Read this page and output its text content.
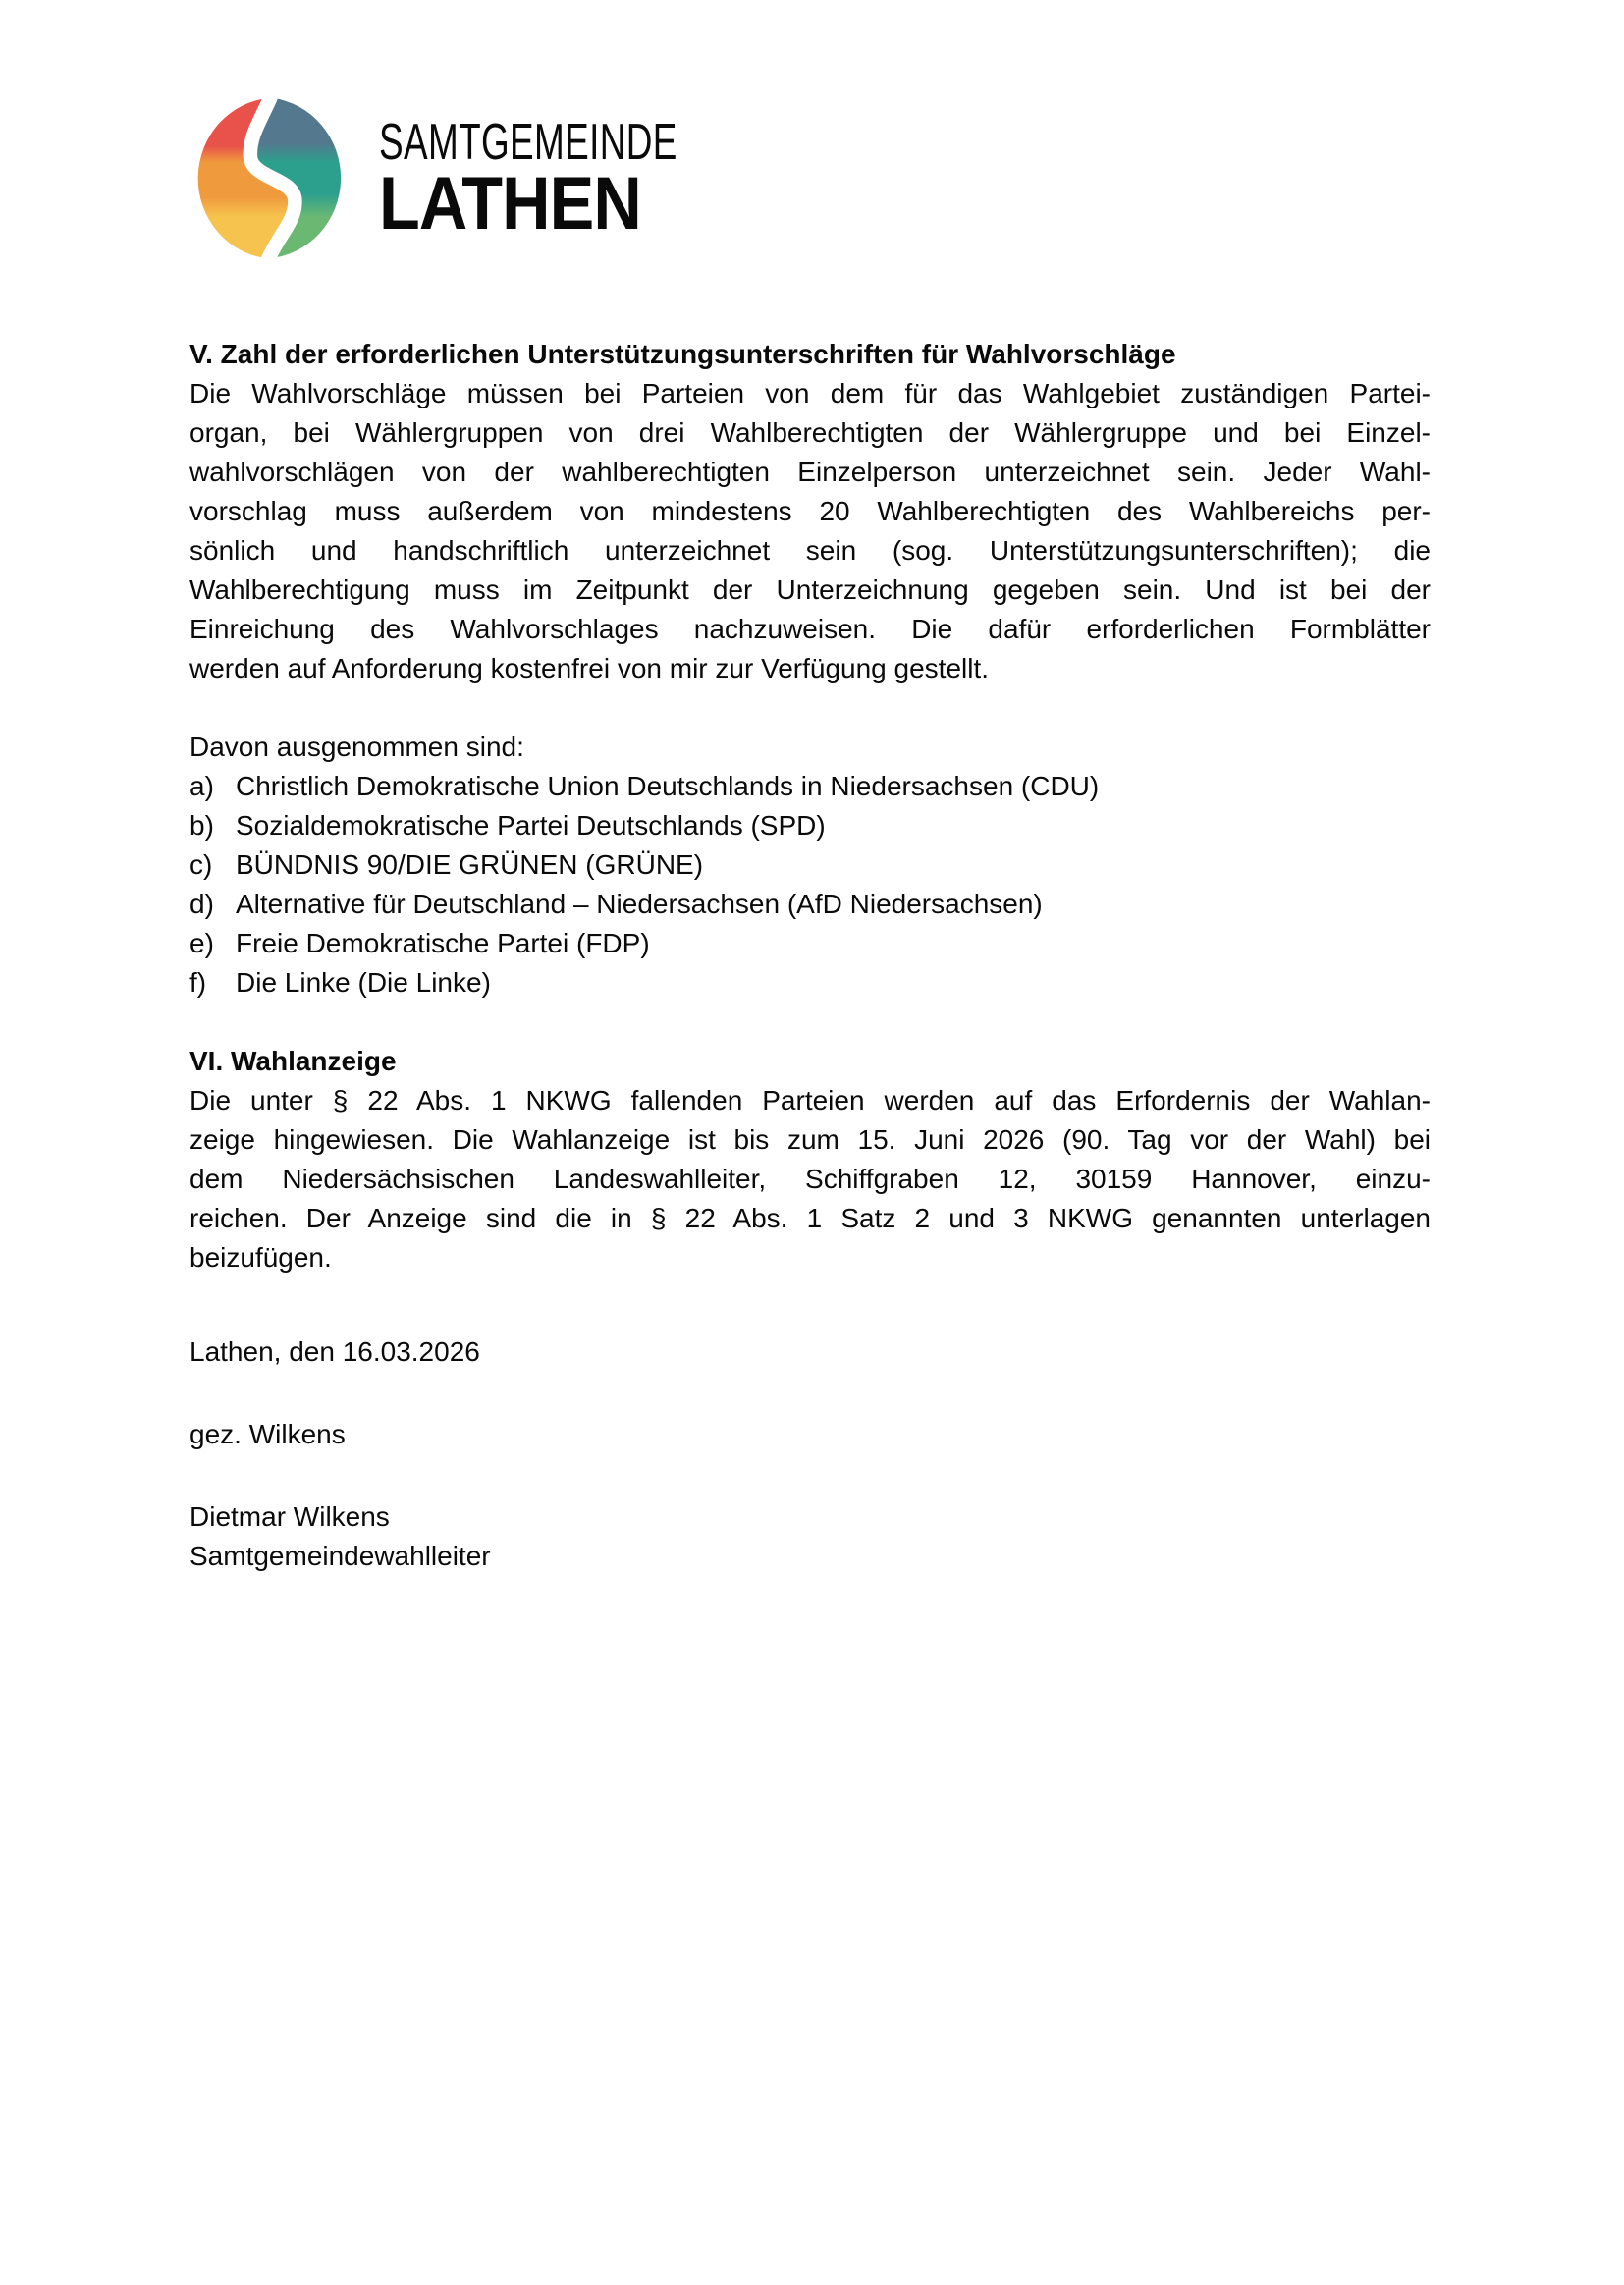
SAMTGEMEINDE
LATHEN
V. Zahl der erforderlichen Unterstützungsunterschriften für Wahlvorschläge
Die Wahlvorschläge müssen bei Parteien von dem für das Wahlgebiet zuständigen Partei-
organ, bei Wählergruppen von drei Wahlberechtigten der Wählergruppe und bei Einzel-
wahlvorschlägen von der wahlberechtigten Einzelperson unterzeichnet sein. Jeder Wahl-
vorschlag muss außerdem von mindestens 20 Wahlberechtigten des Wahlbereichs per-
sönlich und handschriftlich unterzeichnet sein (sog. Unterstützungsunterschriften); die
Wahlberechtigung muss im Zeitpunkt der Unterzeichnung gegeben sein. Und ist bei der
Einreichung des Wahlvorschlages nachzuweisen. Die dafür erforderlichen Formblätter
werden auf Anforderung kostenfrei von mir zur Verfügung gestellt.
Davon ausgenommen sind:
a) Christlich Demokratische Union Deutschlands in Niedersachsen (CDU)
b) Sozialdemokratische Partei Deutschlands (SPD)
c) BÜNDNIS 90/DIE GRÜNEN (GRÜNE)
d) Alternative für Deutschland – Niedersachsen (AfD Niedersachsen)
e) Freie Demokratische Partei (FDP)
f)	Die Linke (Die Linke)
VI. Wahlanzeige
Die unter § 22 Abs. 1 NKWG fallenden Parteien werden auf das Erfordernis der Wahlan-
zeige hingewiesen. Die Wahlanzeige ist bis zum 15. Juni 2026 (90. Tag vor der Wahl) bei
dem Niedersächsischen Landeswahlleiter, Schiffgraben 12, 30159 Hannover, einzu-
reichen. Der Anzeige sind die in § 22 Abs. 1 Satz 2 und 3 NKWG genannten unterlagen
beizufügen.
Lathen, den 16.03.2026
gez. Wilkens
Dietmar Wilkens
Samtgemeindewahlleiter
